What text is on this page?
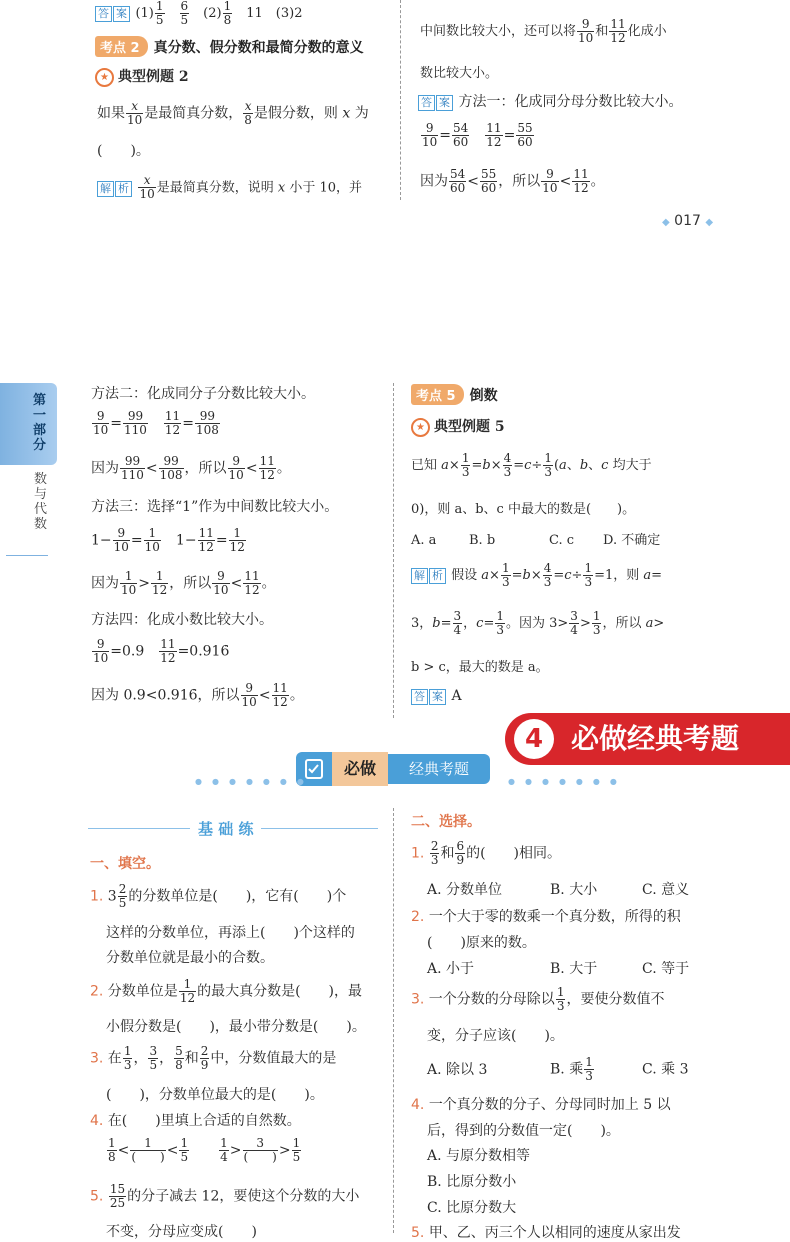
答 案 $(1) \frac{1}{5}$
　 $\frac{6}{5}$ 　$(2) \frac{1}{8}$ 　11　(3)2
考点 2 真分数、假分数和最简分数的意义
★ 典型例题 2
如果 $\frac{x}{10}$ 是最简真分数， $\frac{x}{8}$ 是假分数，则 x 为
(　　)。
解 析 $\frac{x}{10}$ 是最简真分数，说明 x 小于 10，并
中间数比较大小，还可以将 $\frac{9}{10}$ 和 $\frac{11}{12}$ 化成小
数比较大小。
答 案 方法一：化成同分母分数比较大小。
$\frac{9}{10} = \frac{54}{60}$
　 $\frac{11}{12} = \frac{55}{60}$
因为 $\frac{54}{60} < \frac{55}{60}$ ，所以 $\frac{9}{10} < \frac{11}{12}$ 。
◆ 017 ◆
第一部分
数与代数
方法二：化成同分子分数比较大小。
$\frac{9}{10} = \frac{99}{110}$
　 $\frac{11}{12} = \frac{99}{108}$
因为 $\frac{99}{110} < \frac{99}{108}$ ，所以 $\frac{9}{10} < \frac{11}{12}$ 。
方法三：选择“1”作为中间数比较大小。
$1- \frac{9}{10} = \frac{1}{10}$ 　$1- \frac{11}{12} = \frac{1}{12}$
因为 $\frac{1}{10} > \frac{1}{12}$ ，所以 $\frac{9}{10} < \frac{11}{12}$ 。
方法四：化成小数比较大小。
$\frac{9}{10} =0.9$　 $\frac{11}{12}$ =0.916̇
因为 0.9<0.916̇，所以 $\frac{9}{10} < \frac{11}{12}$ 。
考点 5 倒数
★ 典型例题 5
已知 $a\times \frac{1}{3} =b\times \frac{4}{3} =c\div \frac{1}{3} (a$、b、c 均大于
0)，则 a、b、c 中最大的数是(　　)。
A. a	B. b	C. c D. 不确定
解 析 假设 $a\times \frac{1}{3} =b\times \frac{4}{3} =c\div \frac{1}{3} =1$，则 a=
3，$b= \frac{3}{4}$ ，$c= \frac{1}{3}$ 。因为 $3> \frac{3}{4} > \frac{1}{3}$ ，所以 a>
b > c，最大的数是 a。
答 案 A
4 必做经典考题
必做	经典考题
●●●●●●●	●●●●●●●
基 础 练
一、填空。
1. $3 \frac{2}{5}$ 的分数单位是(　　)，它有(　　)个
这样的分数单位，再添上(　　)个这样的
分数单位就是最小的合数。
2. 分数单位是 $\frac{1}{12}$ 的最大真分数是(　　)，最
小假分数是(　　)，最小带分数是(　　)。
3. 在 $\frac{1}{3}$ ， $\frac{3}{5}$ ， $\frac{5}{8}$ 和 $\frac{2}{9}$ 中，分数值最大的是
(　　)，分数单位最大的是(　　)。
4. 在(　　)里填上合适的自然数。
$\frac{1}{8} < \frac{1}{( )} < \frac{1}{5}$
　　	$\frac{1}{4} > \frac{3}{( )} > \frac{1}{5}$
5. $\frac{15}{25}$ 的分子减去 12，要使这个分数的大小
不变，分母应变成(　　)
二、选择。
1. $\frac{2}{3}$ 和 $\frac{6}{9}$ 的(　　)相同。
A. 分数单位	B. 大小	C. 意义
2. 一个大于零的数乘一个真分数，所得的积
(　　)原来的数。
A. 小于	B. 大于	C. 等于
3. 一个分数的分母除以 $\frac{1}{3}$ ，要使分数值不
变，分子应该(　　)。
A. 除以 3	B. 乘 $\frac{1}{3}$	C. 乘 3
4. 一个真分数的分子、分母同时加上 5 以
后，得到的分数值一定(　　)。
A. 与原分数相等
B. 比原分数小
C. 比原分数大
5. 甲、乙、丙三个人以相同的速度从家出发
